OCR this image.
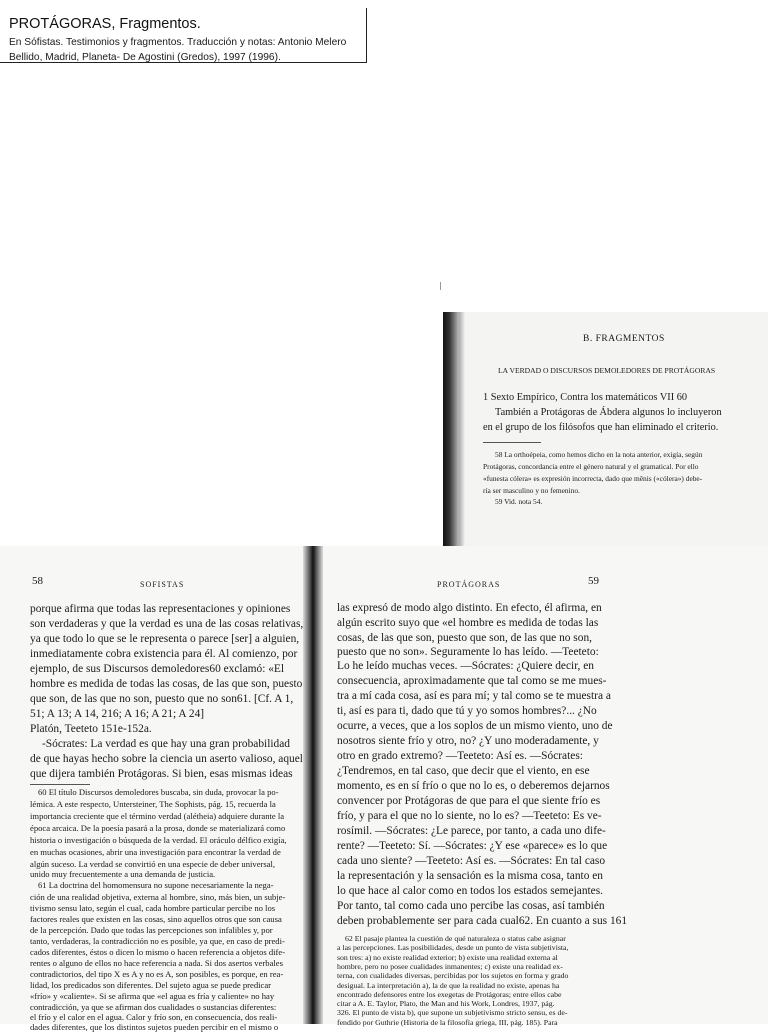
PROTÁGORAS, Fragmentos.
En Sófistas. Testimonios y fragmentos. Traducción y notas: Antonio Melero
Bellido, Madrid, Planeta- De Agostini (Gredos), 1997 (1996).
B. FRAGMENTOS
LA VERDAD O DISCURSOS DEMOLEDORES DE PROTÁGORAS
1 Sexto Empírico, Contra los matemáticos VII 60
También a Protágoras de Ábdera algunos lo incluyeron
en el grupo de los filósofos que han eliminado el criterio.
58 La orthoépeia, como hemos dicho en la nota anterior, exigía, según
Protágoras, concordancia entre el género natural y el gramatical. Por ello
«funesta cólera» es expresión incorrecta, dado que mênis («cólera») debe-
ría ser masculino y no femenino.
59 Vid. nota 54.
58	SOFISTAS
porque afirma que todas las representaciones y opiniones
son verdaderas y que la verdad es una de las cosas relativas,
ya que todo lo que se le representa o parece [ser] a alguien,
inmediatamente cobra existencia para él. Al comienzo, por
ejemplo, de sus Discursos demoledores60 exclamó: «El
hombre es medida de todas las cosas, de las que son, puesto
que son, de las que no son, puesto que no son61. [Cf. A 1,
51; A 13; A 14, 216; A 16; A 21; A 24]
Platón, Teeteto 151e-152a.
-Sócrates: La verdad es que hay una gran probabilidad
de que hayas hecho sobre la ciencia un aserto valioso, aquel
que dijera también Protágoras. Si bien, esas mismas ideas
60 El título Discursos demoledores buscaba, sin duda, provocar la po-
lémica. A este respecto, Untersteiner, The Sophists, pág. 15, recuerda la
importancia creciente que el término verdad (alétheia) adquiere durante la
época arcaica. De la poesía pasará a la prosa, donde se materializará como
historia o investigación o búsqueda de la verdad. El oráculo délfico exigía,
en muchas ocasiones, abrir una investigación para encontrar la verdad de
algún suceso. La verdad se convirtió en una especie de deber universal,
unido muy frecuentemente a una demanda de justicia.
61 La doctrina del homomensura no supone necesariamente la nega-
ción de una realidad objetiva, externa al hombre, sino, más bien, un subje-
tivismo sensu lato, según el cual, cada hombre particular percibe no los
factores reales que existen en las cosas, sino aquellos otros que son causa
de la percepción. Dado que todas las percepciones son infalibles y, por
tanto, verdaderas, la contradicción no es posible, ya que, en caso de predi-
cados diferentes, éstos o dicen lo mismo o hacen referencia a objetos dife-
rentes o alguno de ellos no hace referencia a nada. Si dos asertos verbales
contradictorios, del tipo X es A y no es A, son posibles, es porque, en rea-
lidad, los predicados son diferentes. Del sujeto agua se puede predicar
«frío» y «caliente». Si se afirma que «el agua es fría y caliente» no hay
contradicción, ya que se afirman dos cualidades o sustancias diferentes:
el frío y el calor en el agua. Calor y frío son, en consecuencia, dos reali-
dades diferentes, que los distintos sujetos pueden percibir en el mismo o
PROTÁGORAS	59
las expresó de modo algo distinto. En efecto, él afirma, en
algún escrito suyo que «el hombre es medida de todas las
cosas, de las que son, puesto que son, de las que no son,
puesto que no son». Seguramente lo has leído. —Teeteto:
Lo he leído muchas veces. —Sócrates: ¿Quiere decir, en
consecuencia, aproximadamente que tal como se me mues-
tra a mí cada cosa, así es para mí; y tal como se te muestra a
ti, así es para ti, dado que tú y yo somos hombres?... ¿No
ocurre, a veces, que a los soplos de un mismo viento, uno de
nosotros siente frío y otro, no? ¿Y uno moderadamente, y
otro en grado extremo? —Teeteto: Así es. —Sócrates:
¿Tendremos, en tal caso, que decir que el viento, en ese
momento, es en sí frío o que no lo es, o deberemos dejarnos
convencer por Protágoras de que para el que siente frío es
frío, y para el que no lo siente, no lo es? —Teeteto: Es ve-
rosímil. —Sócrates: ¿Le parece, por tanto, a cada uno dife-
rente? —Teeteto: Sí. —Sócrates: ¿Y ese «parece» es lo que
cada uno siente? —Teeteto: Así es. —Sócrates: En tal caso
la representación y la sensación es la misma cosa, tanto en
lo que hace al calor como en todos los estados semejantes.
Por tanto, tal como cada uno percibe las cosas, así también
deben probablemente ser para cada cual62. En cuanto a sus 161
62 El pasaje plantea la cuestión de qué naturaleza o status cabe asignar
a las percepciones. Las posibilidades, desde un punto de vista subjetivista,
son tres: a) no existe realidad exterior; b) existe una realidad externa al
hombre, pero no posee cualidades inmanentes; c) existe una realidad ex-
terna, con cualidades diversas, percibidas por los sujetos en forma y grado
desigual. La interpretación a), la de que la realidad no existe, apenas ha
encontrado defensores entre los exegetas de Protágoras; entre ellos cabe
citar a A. E. Taylor, Plato, the Man and his Work, Londres, 1937, pág.
326. El punto de vista b), que supone un subjetivismo stricto sensu, es de-
fendido por Guthrie (Historia de la filosofía griega, III, pág. 185). Para
